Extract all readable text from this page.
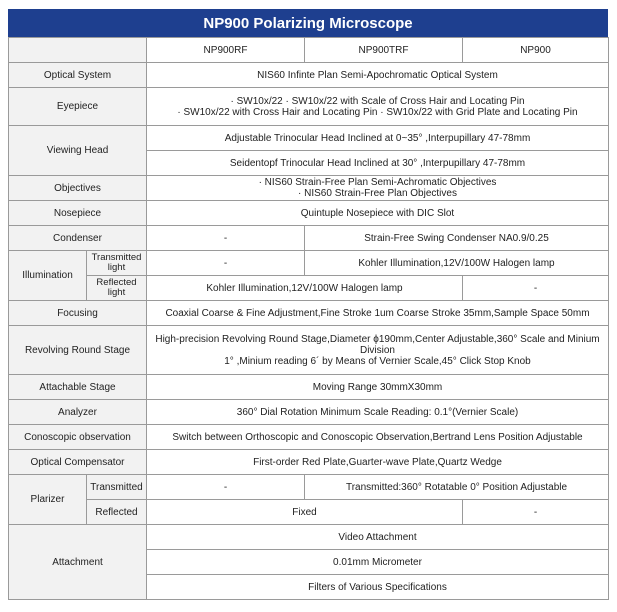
NP900 Polarizing Microscope
		NP900RF	NP900TRF	NP900
Optical System		NIS60 Infinte Plan Semi-Apochromatic Optical System		
Eyepiece		· SW10x/22 · SW10x/22 with Scale of Cross Hair and Locating Pin
· SW10x/22 with Cross Hair and Locating Pin · SW10x/22 with Grid Plate and Locating Pin		

Viewing Head		Adjustable Trinocular Head Inclined at 0~35° ,Interpupillary 47-78mm		
		Seidentopf Trinocular Head Inclined at 30° ,Interpupillary 47-78mm		
Objectives		· NIS60 Strain-Free Plan Semi-Achromatic Objectives
· NIS60 Strain-Free Plan Objectives		

Nosepiece		Quintuple Nosepiece with DIC Slot		
Condenser		-	Strain-Free Swing Condenser NA0.9/0.25	
Illumination	Transmitted light	-	Kohler Illumination,12V/100W Halogen lamp	
	Reflected light	Kohler Illumination,12V/100W Halogen lamp		-
Focusing		Coaxial Coarse & Fine Adjustment,Fine Stroke 1um Coarse Stroke 35mm,Sample Space 50mm		
Revolving Round Stage		High-precision Revolving Round Stage,Diameter ϕ190mm,Center Adjustable,360° Scale and Minium Division
1° ,Minium reading 6´ by Means of Vernier Scale,45° Click Stop Knob		

Attachable Stage		Moving Range 30mmX30mm		
Analyzer		360° Dial Rotation Minimum Scale Reading: 0.1°(Vernier Scale)		
Conoscopic observation		Switch between Orthoscopic and Conoscopic Observation,Bertrand Lens Position Adjustable		
Optical Compensator		First-order Red Plate,Guarter-wave Plate,Quartz Wedge		
Plarizer	Transmitted	-	Transmitted:360° Rotatable 0° Position Adjustable	
	Reflected	Fixed		-
Attachment		Video Attachment		
		0.01mm Micrometer		
		Filters of Various Specifications		
